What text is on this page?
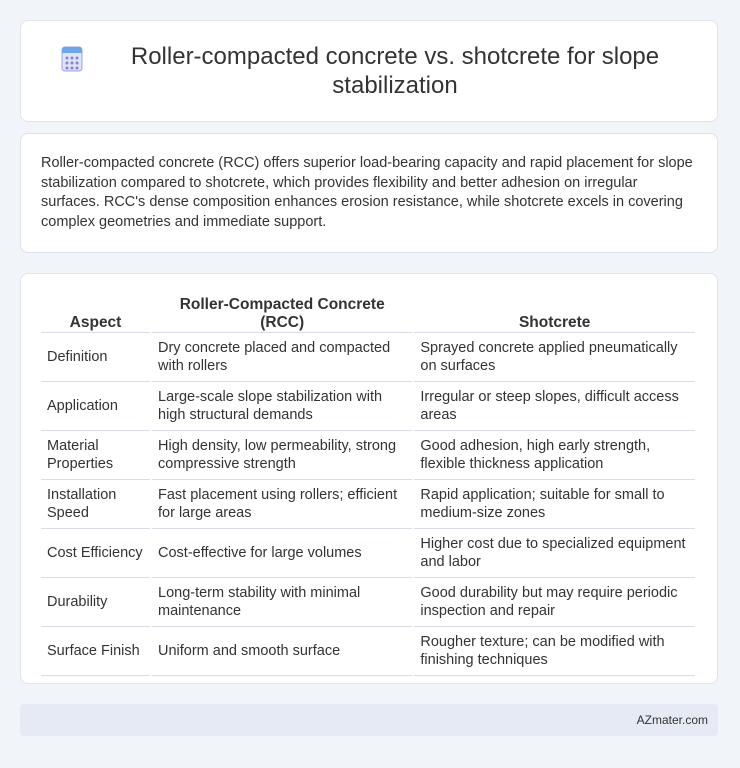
Roller-compacted concrete vs. shotcrete for slope stabilization

Roller-compacted concrete (RCC) offers superior load-bearing capacity and rapid placement for slope stabilization compared to shotcrete, which provides flexibility and better adhesion on irregular surfaces. RCC's dense composition enhances erosion resistance, while shotcrete excels in covering complex geometries and immediate support.

Aspect	Roller-Compacted Concrete (RCC)	Shotcrete
Definition	Dry concrete placed and compacted with rollers	Sprayed concrete applied pneumatically on surfaces
Application	Large-scale slope stabilization with high structural demands	Irregular or steep slopes, difficult access areas
Material Properties	High density, low permeability, strong compressive strength	Good adhesion, high early strength, flexible thickness application
Installation Speed	Fast placement using rollers; efficient for large areas	Rapid application; suitable for small to medium-size zones
Cost Efficiency	Cost-effective for large volumes	Higher cost due to specialized equipment and labor
Durability	Long-term stability with minimal maintenance	Good durability but may require periodic inspection and repair
Surface Finish	Uniform and smooth surface	Rougher texture; can be modified with finishing techniques
AZmater.com
